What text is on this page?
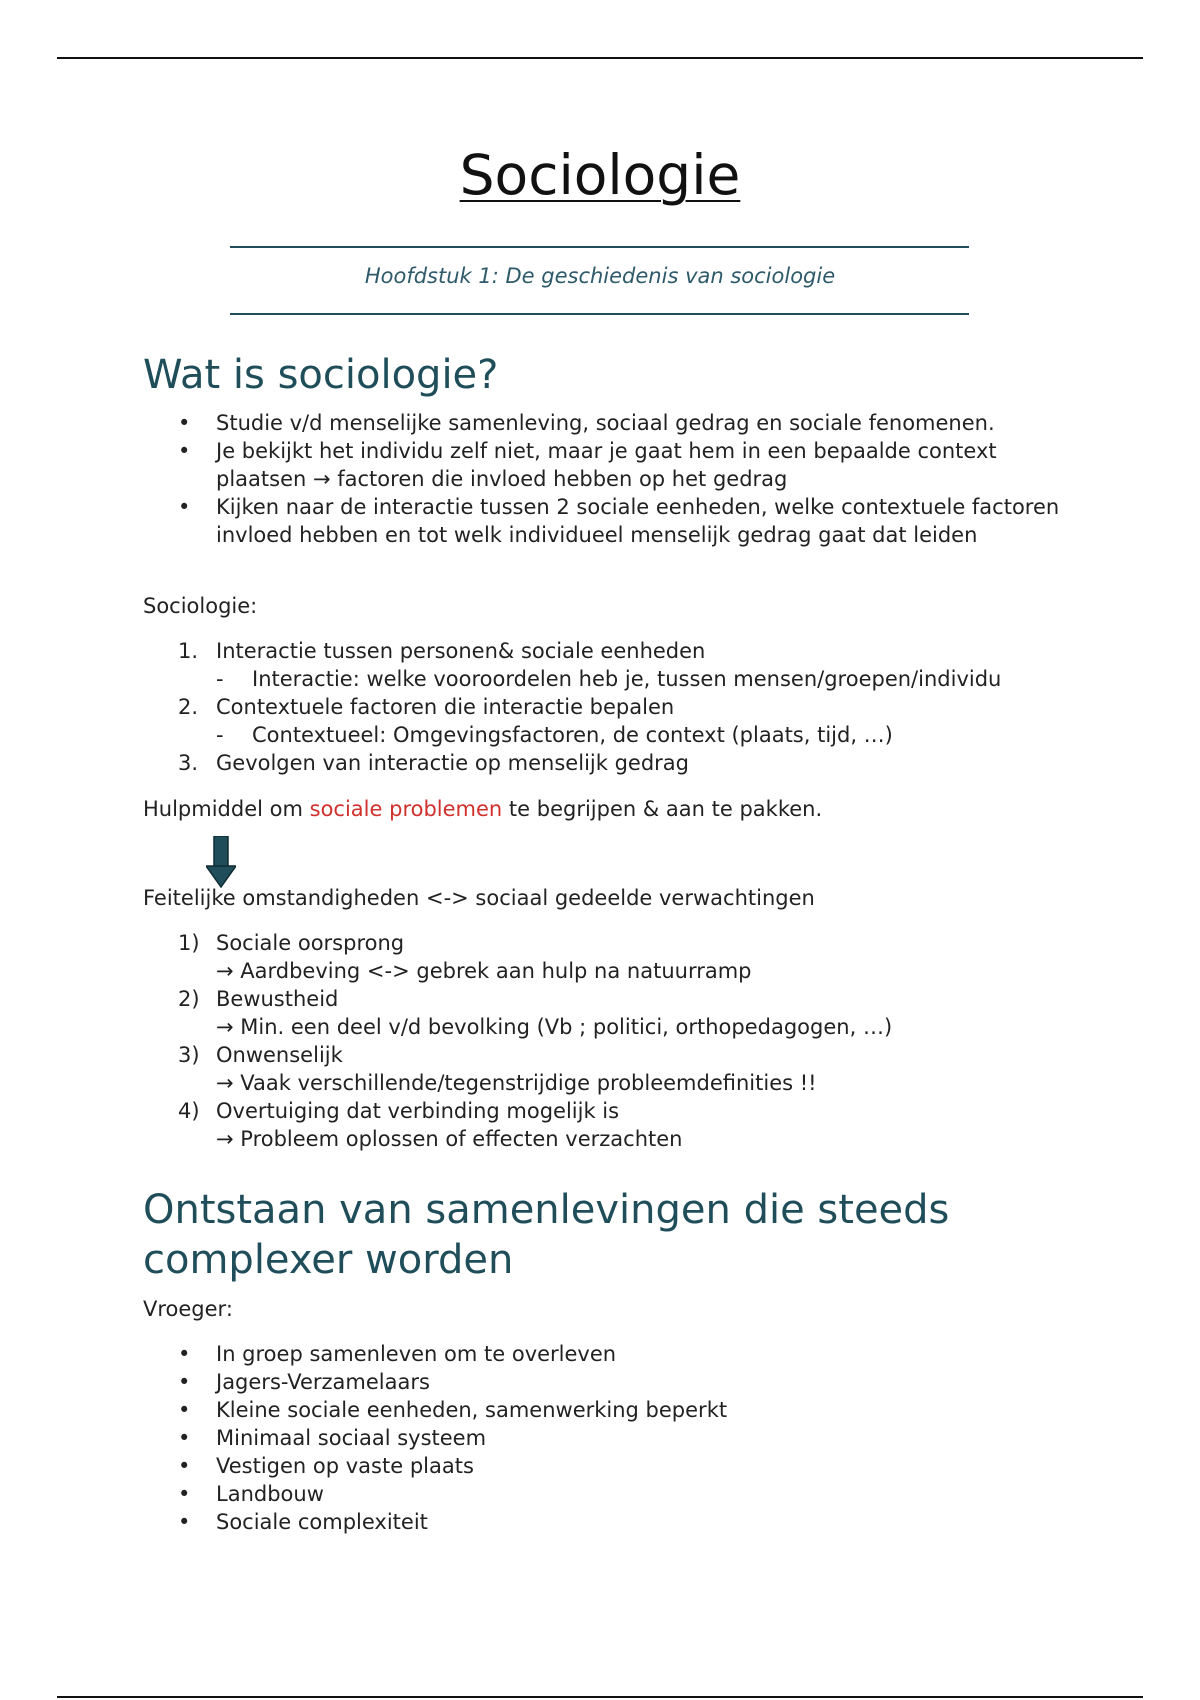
Sociologie
Hoofdstuk 1: De geschiedenis van sociologie
Wat is sociologie?
• Studie v/d menselijke samenleving, sociaal gedrag en sociale fenomenen.
• Je bekijkt het individu zelf niet, maar je gaat hem in een bepaalde context plaatsen → factoren die invloed hebben op het gedrag
• Kijken naar de interactie tussen 2 sociale eenheden, welke contextuele factoren invloed hebben en tot welk individueel menselijk gedrag gaat dat leiden
Sociologie:
1. Interactie tussen personen& sociale eenheden
- Interactie: welke vooroordelen heb je, tussen mensen/groepen/individu
2. Contextuele factoren die interactie bepalen
- Contextueel: Omgevingsfactoren, de context (plaats, tijd, …)
3. Gevolgen van interactie op menselijk gedrag
Hulpmiddel om sociale problemen te begrijpen & aan te pakken.
Feitelijke omstandigheden <-> sociaal gedeelde verwachtingen
1) Sociale oorsprong
→ Aardbeving <-> gebrek aan hulp na natuurramp
2) Bewustheid
→ Min. een deel v/d bevolking (Vb ; politici, orthopedagogen, …)
3) Onwenselijk
→ Vaak verschillende/tegenstrijdige probleemdefinities !!
4) Overtuiging dat verbinding mogelijk is
→ Probleem oplossen of effecten verzachten
Ontstaan van samenlevingen die steeds
complexer worden
Vroeger:
• In groep samenleven om te overleven
• Jagers-Verzamelaars
• Kleine sociale eenheden, samenwerking beperkt
• Minimaal sociaal systeem
• Vestigen op vaste plaats
• Landbouw
• Sociale complexiteit
